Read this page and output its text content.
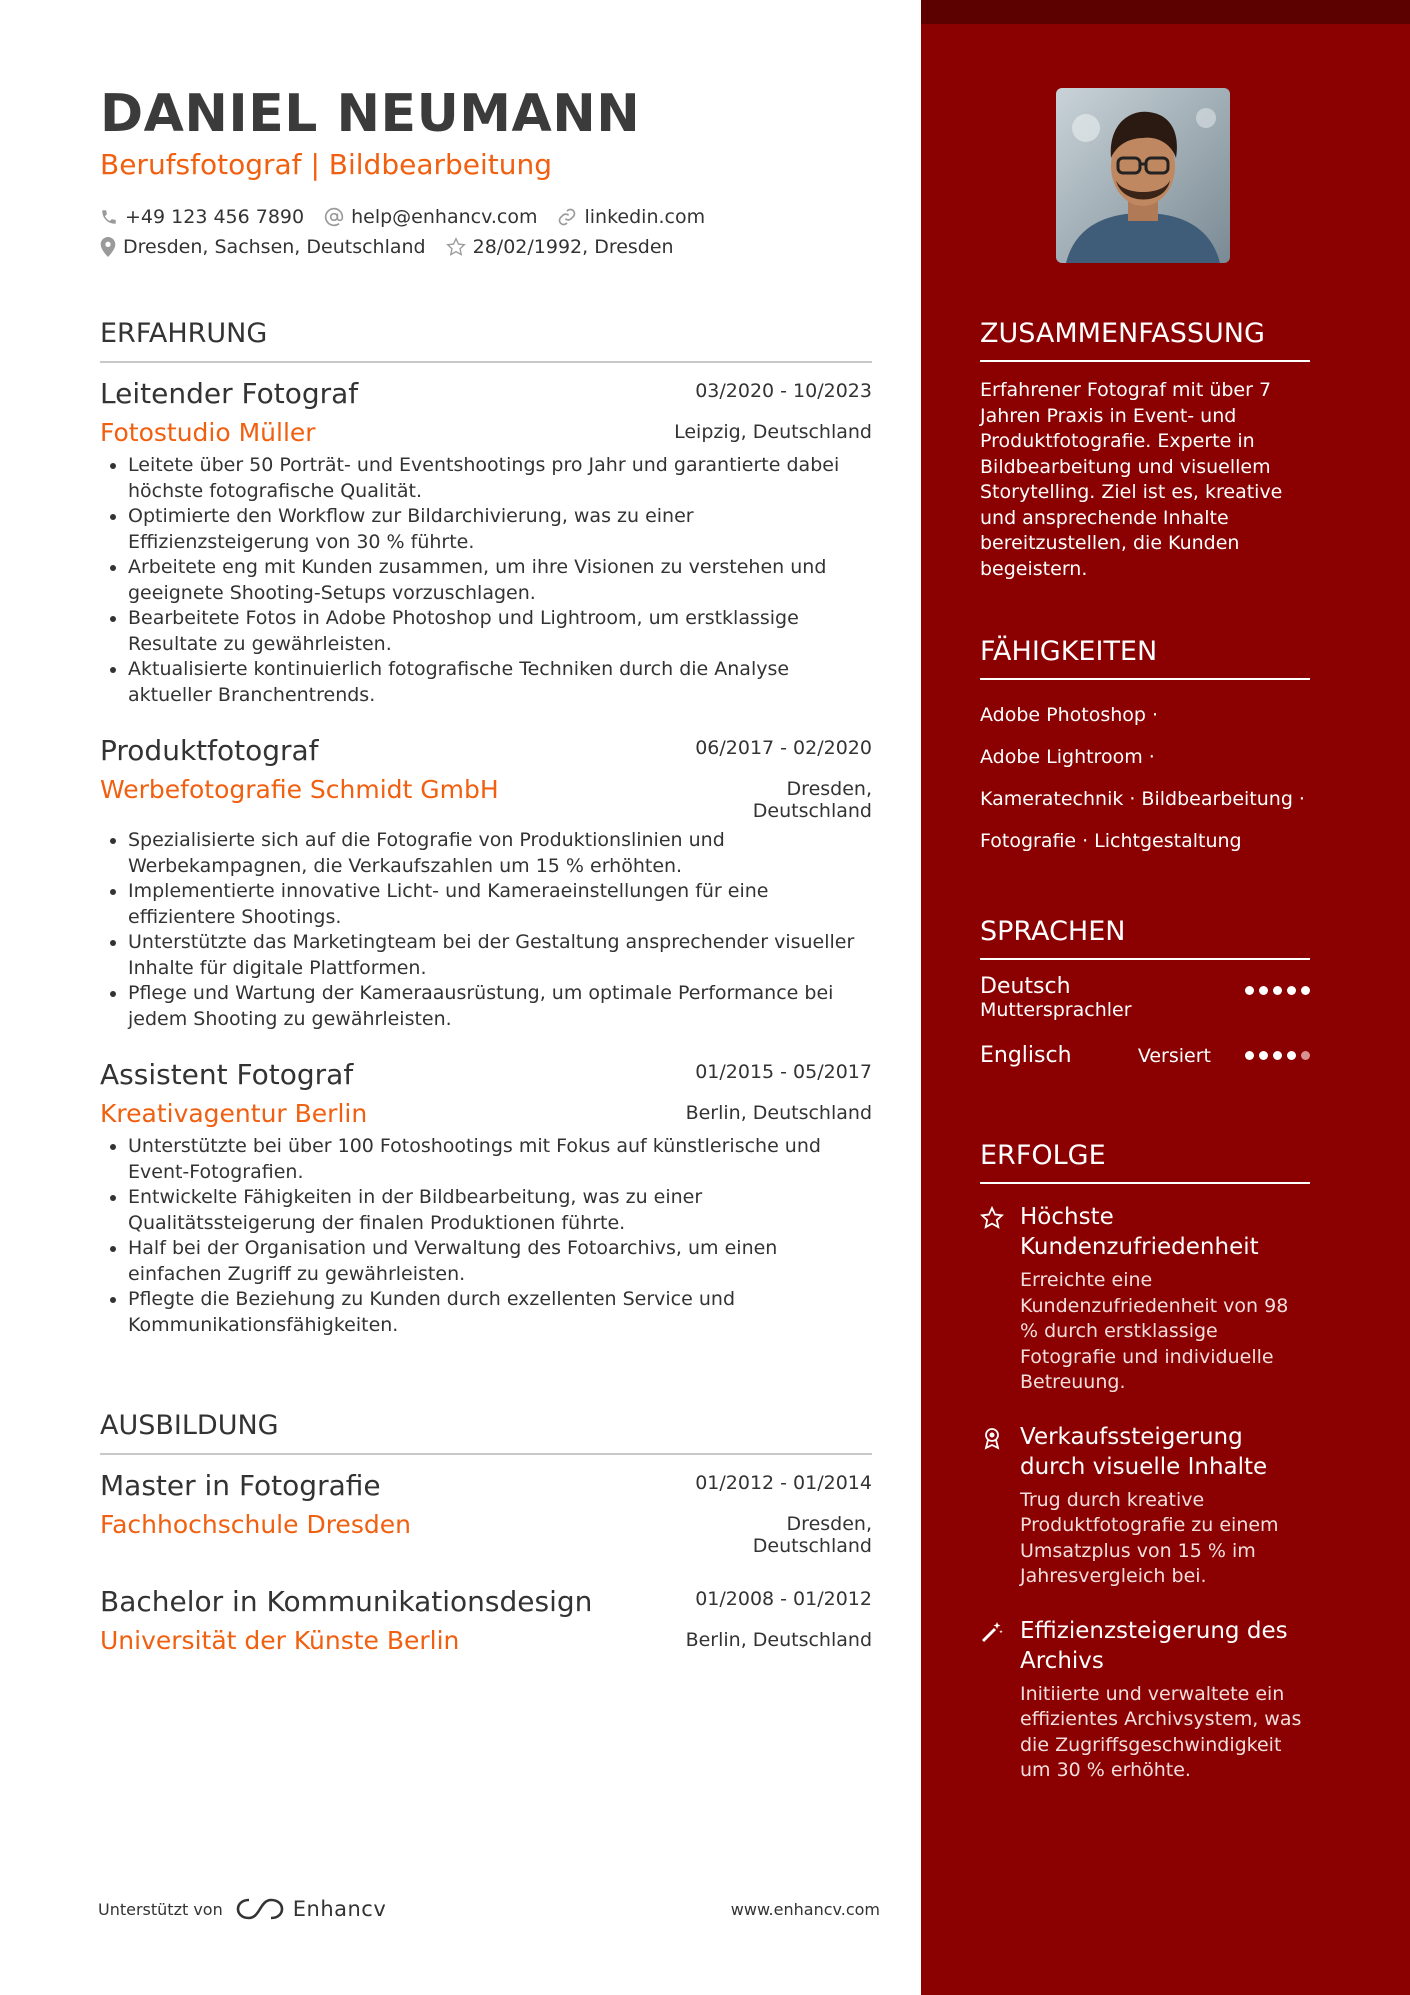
DANIEL NEUMANN
Berufsfotograf | Bildbearbeitung
+49 123 456 7890 help@enhancv.com linkedin.com
Dresden, Sachsen, Deutschland 28/02/1992, Dresden
ERFAHRUNG
Leitender Fotograf	03/2020 - 10/2023
Fotostudio Müller	Leipzig, Deutschland
• Leitete über 50 Porträt- und Eventshootings pro Jahr und garantierte dabei höchste fotografische Qualität.
• Optimierte den Workflow zur Bildarchivierung, was zu einer Effizienzsteigerung von 30 % führte.
• Arbeitete eng mit Kunden zusammen, um ihre Visionen zu verstehen und geeignete Shooting-Setups vorzuschlagen.
• Bearbeitete Fotos in Adobe Photoshop und Lightroom, um erstklassige Resultate zu gewährleisten.
• Aktualisierte kontinuierlich fotografische Techniken durch die Analyse aktueller Branchentrends.
Produktfotograf	06/2017 - 02/2020
Werbefotografie Schmidt GmbH	Dresden,
Deutschland
• Spezialisierte sich auf die Fotografie von Produktionslinien und Werbekampagnen, die Verkaufszahlen um 15 % erhöhten.
• Implementierte innovative Licht- und Kameraeinstellungen für eine effizientere Shootings.
• Unterstützte das Marketingteam bei der Gestaltung ansprechender visueller Inhalte für digitale Plattformen.
• Pflege und Wartung der Kameraausrüstung, um optimale Performance bei jedem Shooting zu gewährleisten.
Assistent Fotograf	01/2015 - 05/2017
Kreativagentur Berlin	Berlin, Deutschland
• Unterstützte bei über 100 Fotoshootings mit Fokus auf künstlerische und Event-Fotografien.
• Entwickelte Fähigkeiten in der Bildbearbeitung, was zu einer Qualitätssteigerung der finalen Produktionen führte.
• Half bei der Organisation und Verwaltung des Fotoarchivs, um einen einfachen Zugriff zu gewährleisten.
• Pflegte die Beziehung zu Kunden durch exzellenten Service und Kommunikationsfähigkeiten.
AUSBILDUNG
Master in Fotografie	01/2012 - 01/2014
Fachhochschule Dresden	Dresden,
Deutschland
Bachelor in Kommunikationsdesign	01/2008 - 01/2012
Universität der Künste Berlin	Berlin, Deutschland
ZUSAMMENFASSUNG
Erfahrener Fotograf mit über 7 Jahren Praxis in Event- und Produktfotografie. Experte in Bildbearbeitung und visuellem Storytelling. Ziel ist es, kreative und ansprechende Inhalte bereitzustellen, die Kunden begeistern.
FÄHIGKEITEN
Adobe Photoshop ·
Adobe Lightroom ·
Kameratechnik · Bildbearbeitung ·
Fotografie · Lichtgestaltung
SPRACHEN
Deutsch
Muttersprachler
Englisch	Versiert
ERFOLGE
Höchste Kundenzufriedenheit
Erreichte eine Kundenzufriedenheit von 98 % durch erstklassige Fotografie und individuelle Betreuung.
Verkaufssteigerung durch visuelle Inhalte
Trug durch kreative Produktfotografie zu einem Umsatzplus von 15 % im Jahresvergleich bei.
Effizienzsteigerung des Archivs
Initiierte und verwaltete ein effizientes Archivsystem, was die Zugriffsgeschwindigkeit um 30 % erhöhte.
Unterstützt von	Enhancv	www.enhancv.com
